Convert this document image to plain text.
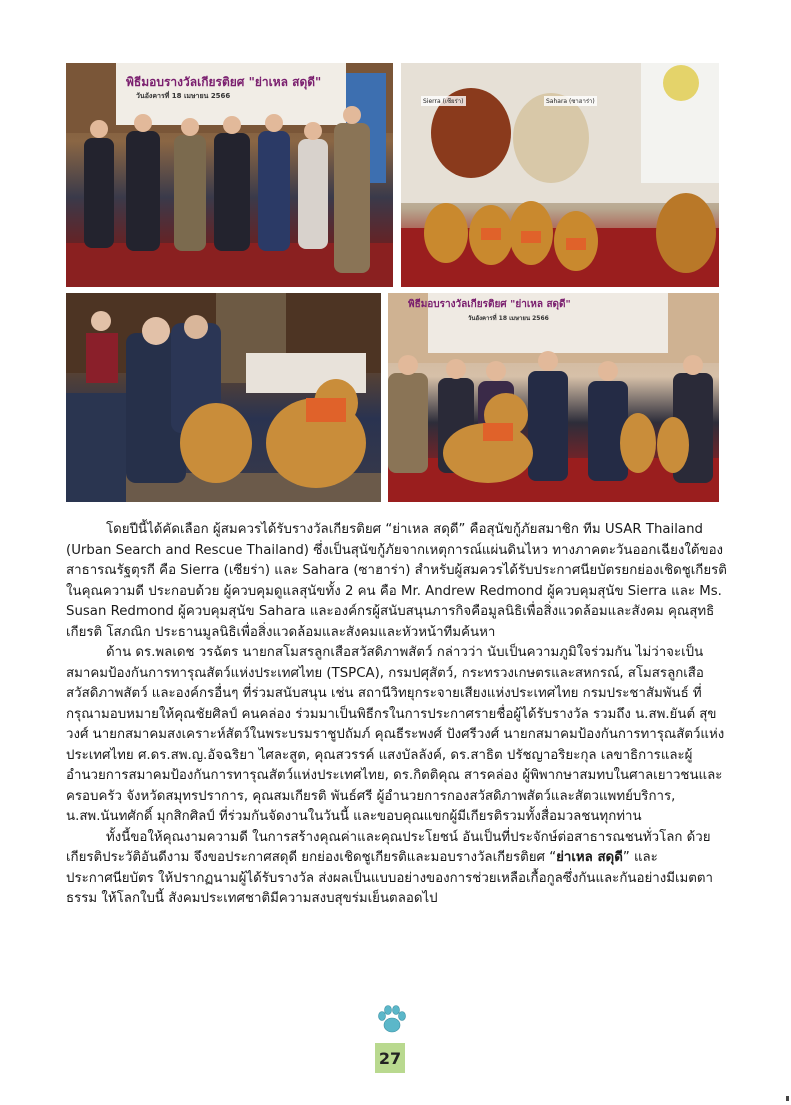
พิธีมอบรางวัลเกียรติยศ "ย่าเหล สดุดี"
วันอังคารที่ 18 เมษายน 2566
Sierra (เซียร่า)	Sahara (ซาฮาร่า)
พิธีมอบรางวัลเกียรติยศ "ย่าเหล สดุดี"
วันอังคารที่ 18 เมษายน 2566

โดยปีนี้ได้คัดเลือก ผู้สมควรได้รับรางวัลเกียรติยศ “ย่าเหล สดุดี” คือสุนัขกู้ภัยสมาชิก ทีม USAR Thailand (Urban Search and Rescue Thailand) ซึ่งเป็นสุนัขกู้ภัยจากเหตุการณ์แผ่นดินไหว ทางภาคตะวันออกเฉียงใต้ของสาธารณรัฐตุรกี คือ Sierra (เซียร่า) และ Sahara (ซาฮาร่า) สำหรับผู้สมควรได้รับประกาศนียบัตรยกย่องเชิดชูเกียรติ ในคุณความดี ประกอบด้วย ผู้ควบคุมดูแลสุนัขทั้ง 2 คน คือ Mr. Andrew Redmond ผู้ควบคุมสุนัข Sierra และ Ms. Susan Redmond ผู้ควบคุมสุนัข Sahara และองค์กรผู้สนับสนุนภารกิจคือมูลนิธิเพื่อสิ่งแวดล้อมและสังคม คุณสุทธิเกียรติ โสภณิก ประธานมูลนิธิเพื่อสิ่งแวดล้อมและสังคมและหัวหน้าทีมค้นหา

ด้าน ดร.พลเดช วรฉัตร นายกสโมสรลูกเสือสวัสดิภาพสัตว์ กล่าวว่า นับเป็นความภูมิใจร่วมกัน ไม่ว่าจะเป็นสมาคมป้องกันการทารุณสัตว์แห่งประเทศไทย (TSPCA), กรมปศุสัตว์, กระทรวงเกษตรและสหกรณ์, สโมสรลูกเสือสวัสดิภาพสัตว์ และองค์กรอื่นๆ ที่ร่วมสนับสนุน เช่น สถานีวิทยุกระจายเสียงแห่งประเทศไทย กรมประชาสัมพันธ์ ที่กรุณามอบหมายให้คุณชัยศิลป์ คนคล่อง ร่วมมาเป็นพิธีกรในการประกาศรายชื่อผู้ได้รับรางวัล รวมถึง น.สพ.ยันต์ สุขวงศ์ นายกสมาคมสงเคราะห์สัตว์ในพระบรมราชูปถัมภ์ คุณธีระพงศ์ ปังศรีวงศ์ นายกสมาคมป้องกันการทารุณสัตว์แห่งประเทศไทย ศ.ดร.สพ.ญ.อัจฉริยา ไศละสูต, คุณสวรรค์ แสงบัลลังค์, ดร.สาธิต ปรัชญาอริยะกุล เลขาธิการและผู้อำนวยการสมาคมป้องกันการทารุณสัตว์แห่งประเทศไทย, ดร.กิตติคุณ สารคล่อง ผู้พิพากษาสมทบในศาลเยาวชนและครอบครัว จังหวัดสมุทรปราการ, คุณสมเกียรติ พันธ์ศรี ผู้อำนวยการกองสวัสดิภาพสัตว์และสัตวแพทย์บริการ, น.สพ.นันทศักดิ์ มุกสิกศิลป์ ที่ร่วมกันจัดงานในวันนี้ และขอบคุณแขกผู้มีเกียรติรวมทั้งสื่อมวลชนทุกท่าน

ทั้งนี้ขอให้คุณงามความดี ในการสร้างคุณค่าและคุณประโยชน์ อันเป็นที่ประจักษ์ต่อสาธารณชนทั่วโลก ด้วยเกียรติประวัติอันดีงาม จึงขอประกาศสดุดี ยกย่องเชิดชูเกียรติและมอบรางวัลเกียรติยศ “ย่าเหล สดุดี” และประกาศนียบัตร ให้ปรากฏนามผู้ได้รับรางวัล ส่งผลเป็นแบบอย่างของการช่วยเหลือเกื้อกูลซึ่งกันและกันอย่างมีเมตตาธรรม ให้โลกใบนี้ สังคมประเทศชาติมีความสงบสุขร่มเย็นตลอดไป

27
